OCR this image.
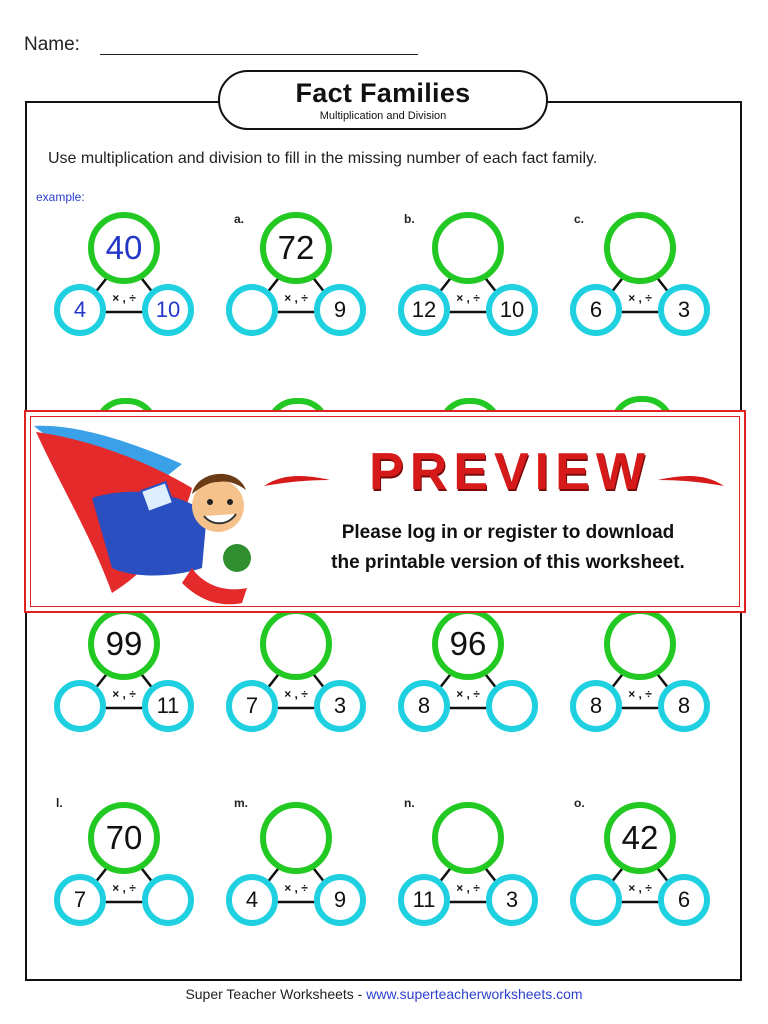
Name:
Fact Families
Multiplication and Division
Use multiplication and division to fill in the missing number of each fact family.
example:
40
4	10
× , ÷
a.
72
9
× , ÷
b.
12	10
× , ÷
c.
6	3
× , ÷
99
11
× , ÷	7	3
× , ÷
96
8	× , ÷	8	8
× , ÷
l.
70
7	× , ÷
m.
4	9
× , ÷
n.
11	3
× , ÷
o.
42
6
× , ÷
PREVIEW
Please log in or register to download
the printable version of this worksheet.
Super Teacher Worksheets - www.superteacherworksheets.com
